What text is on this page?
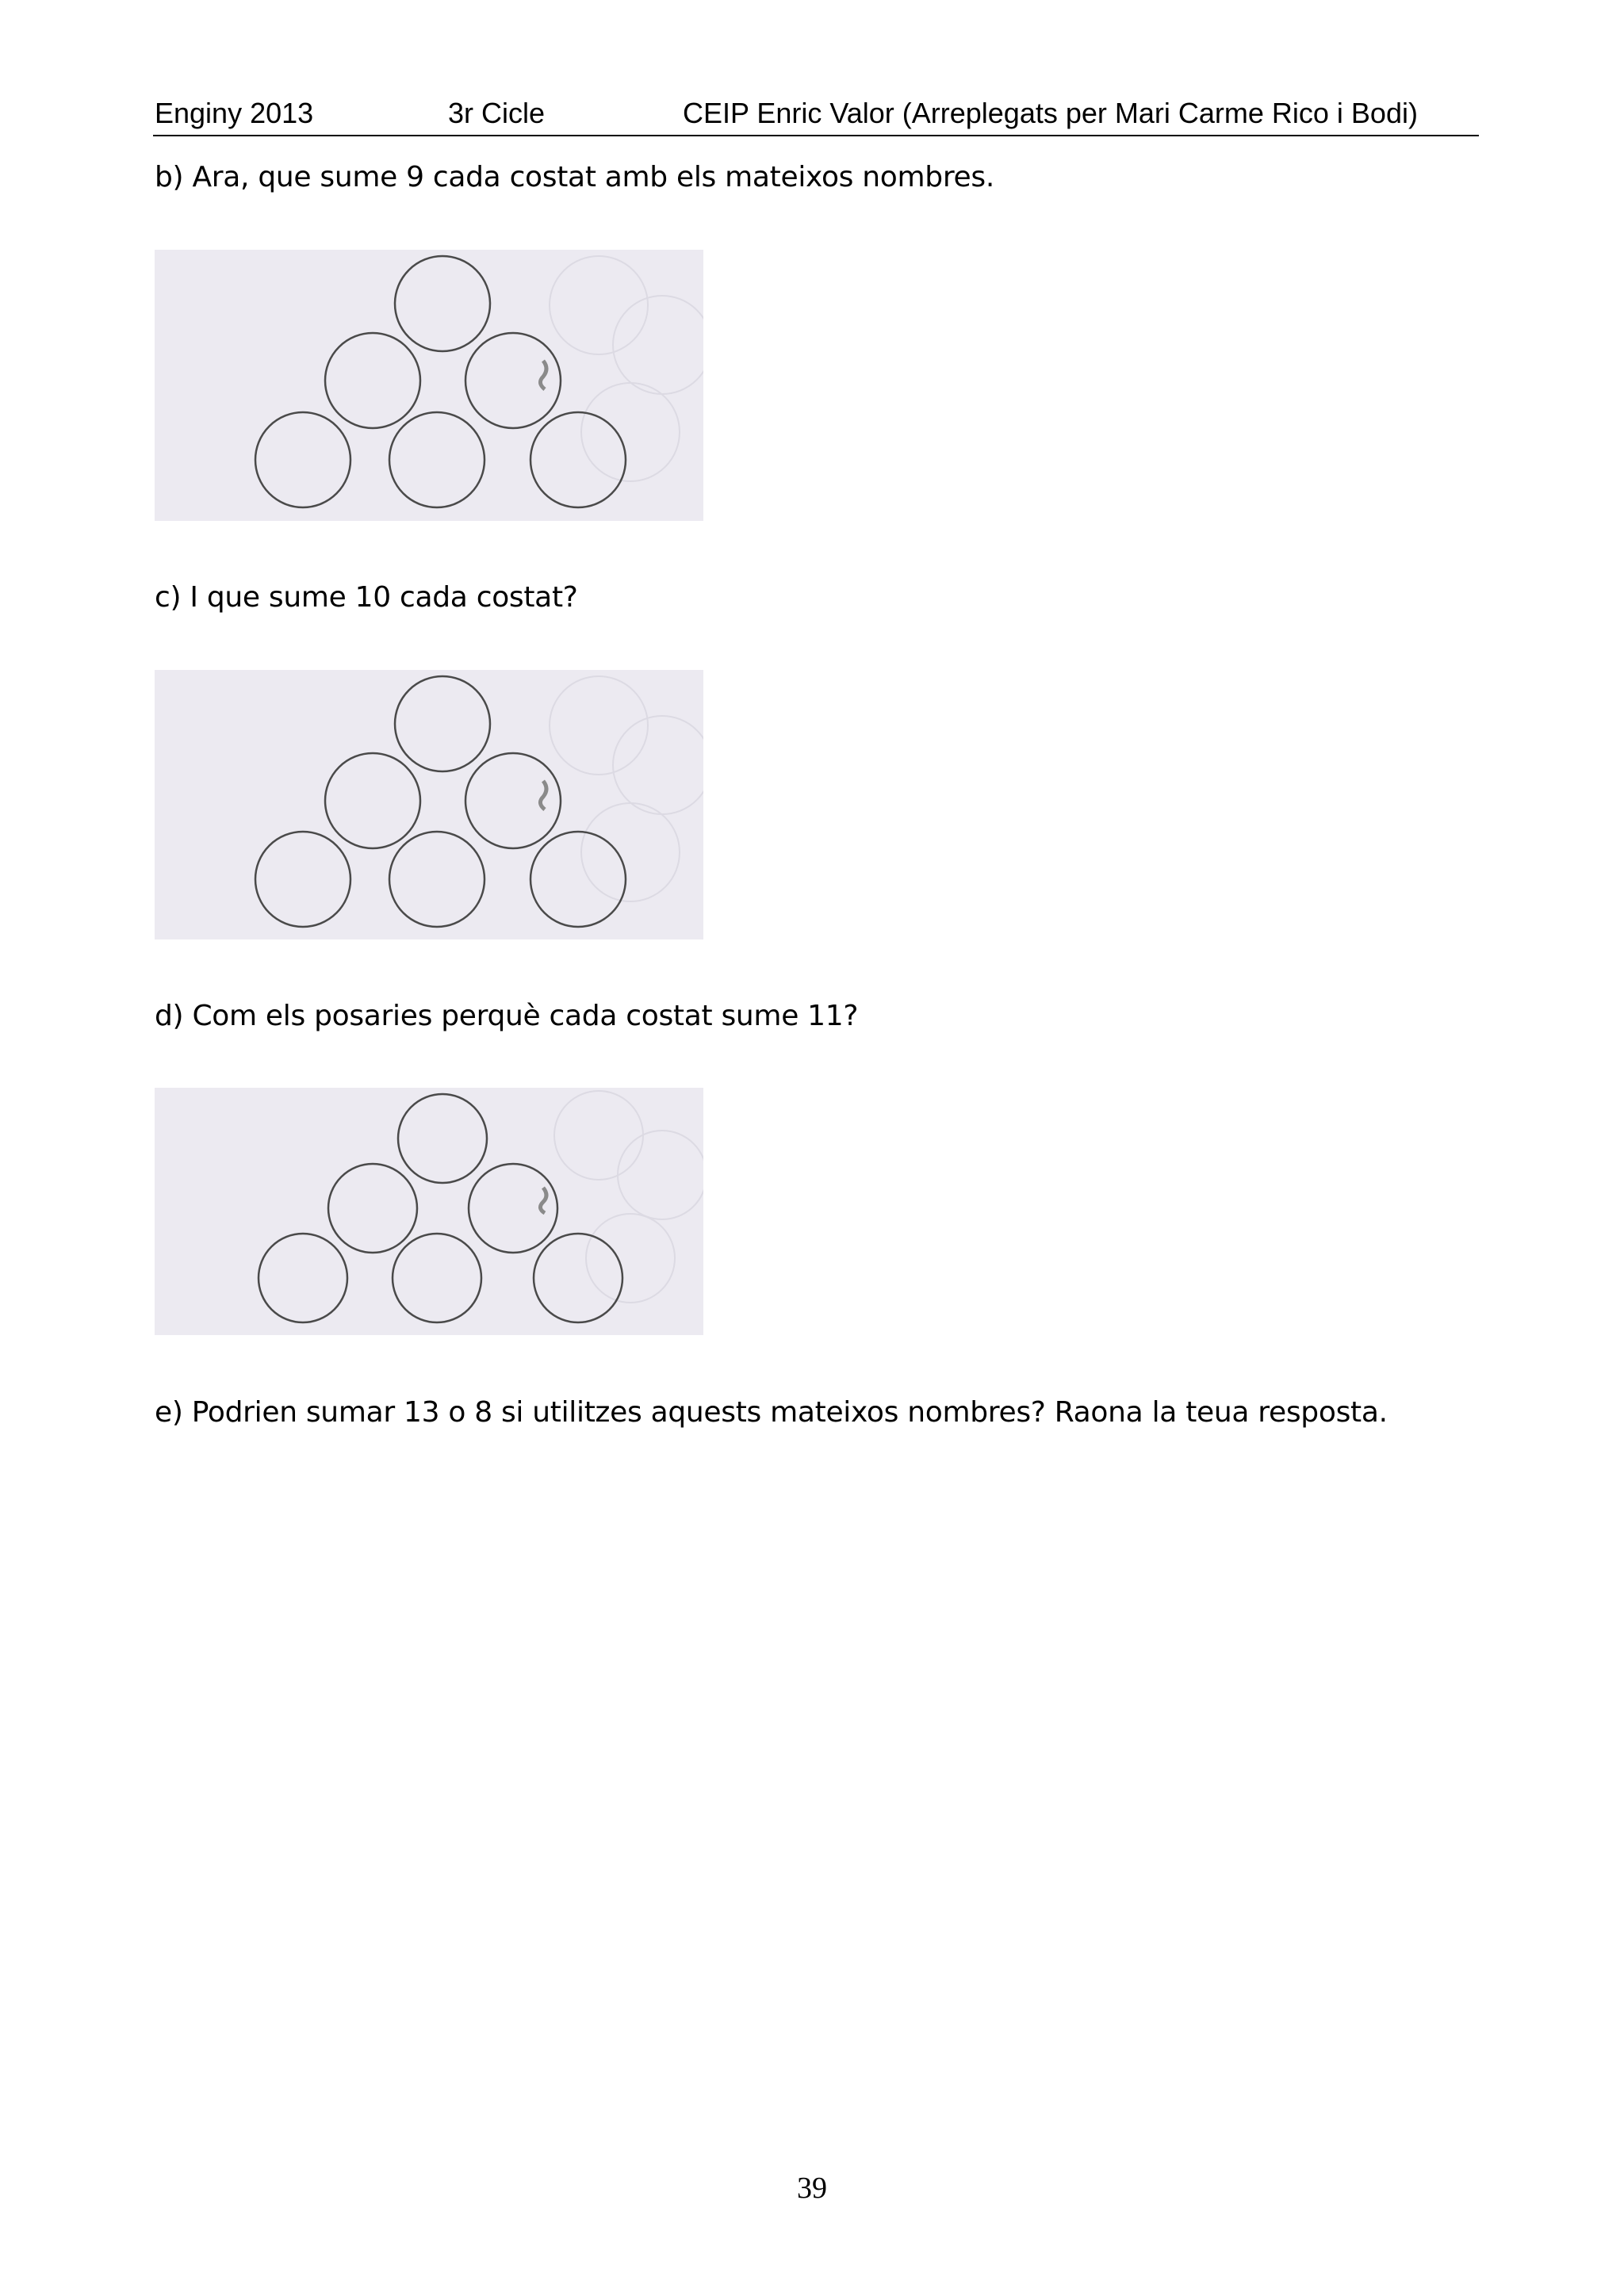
Enginy 2013	3r Cicle	CEIP Enric Valor (Arreplegats per Mari Carme Rico i Bodi)
b) Ara, que sume 9 cada costat amb els mateixos nombres.
c) I que sume 10 cada costat?
d) Com els posaries perquè cada costat sume 11?
e) Podrien sumar 13 o 8 si utilitzes aquests mateixos nombres? Raona la teua resposta.
39
